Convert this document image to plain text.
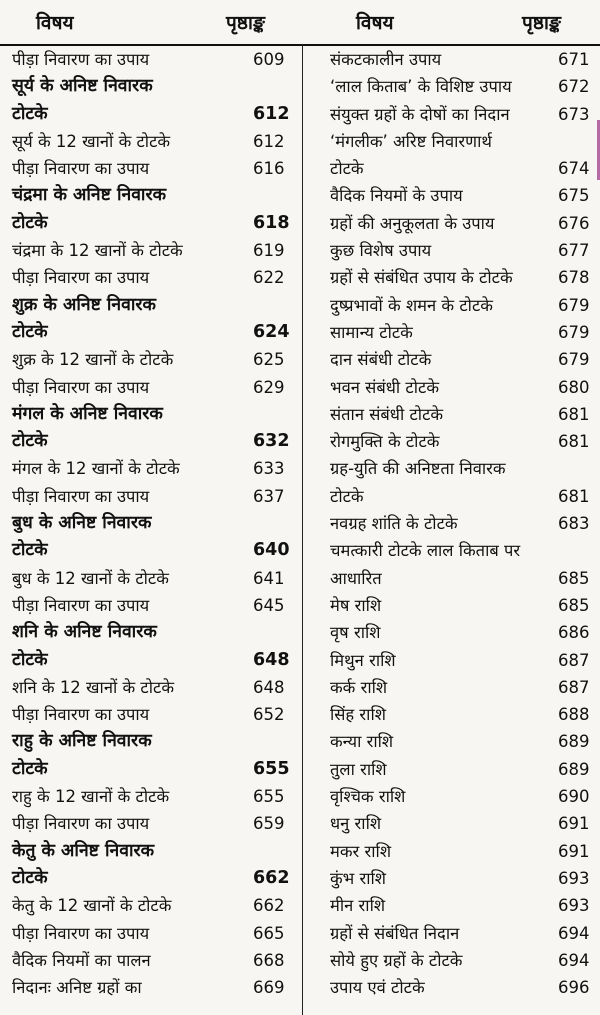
विषय	पृष्ठाङ्क	विषय	पृष्ठाङ्क
पीड़ा निवारण का उपाय	609
सूर्य के अनिष्ट निवारक
टोटके	612
सूर्य के 12 खानों के टोटके	612
पीड़ा निवारण का उपाय	616
चंद्रमा के अनिष्ट निवारक
टोटके	618
चंद्रमा के 12 खानों के टोटके	619
पीड़ा निवारण का उपाय	622
शुक्र के अनिष्ट निवारक
टोटके	624
शुक्र के 12 खानों के टोटके	625
पीड़ा निवारण का उपाय	629
मंगल के अनिष्ट निवारक
टोटके	632
मंगल के 12 खानों के टोटके	633
पीड़ा निवारण का उपाय	637
बुध के अनिष्ट निवारक
टोटके	640
बुध के 12 खानों के टोटके	641
पीड़ा निवारण का उपाय	645
शनि के अनिष्ट निवारक
टोटके	648
शनि के 12 खानों के टोटके	648
पीड़ा निवारण का उपाय	652
राहु के अनिष्ट निवारक
टोटके	655
राहु के 12 खानों के टोटके	655
पीड़ा निवारण का उपाय	659
केतु के अनिष्ट निवारक
टोटके	662
केतु के 12 खानों के टोटके	662
पीड़ा निवारण का उपाय	665
वैदिक नियमों का पालन	668
निदानः अनिष्ट ग्रहों का	669
संकटकालीन उपाय	671
‘लाल किताब’ के विशिष्ट उपाय	672
संयुक्त ग्रहों के दोषों का निदान	673
‘मंगलीक’ अरिष्ट निवारणार्थ
टोटके	674
वैदिक नियमों के उपाय	675
ग्रहों की अनुकूलता के उपाय	676
कुछ विशेष उपाय	677
ग्रहों से संबंधित उपाय के टोटके	678
दुष्प्रभावों के शमन के टोटके	679
सामान्य टोटके	679
दान संबंधी टोटके	679
भवन संबंधी टोटके	680
संतान संबंधी टोटके	681
रोगमुक्ति के टोटके	681
ग्रह-युति की अनिष्टता निवारक
टोटके	681
नवग्रह शांति के टोटके	683
चमत्कारी टोटके लाल किताब पर
आधारित	685
मेष राशि	685
वृष राशि	686
मिथुन राशि	687
कर्क राशि	687
सिंह राशि	688
कन्या राशि	689
तुला राशि	689
वृश्चिक राशि	690
धनु राशि	691
मकर राशि	691
कुंभ राशि	693
मीन राशि	693
ग्रहों से संबंधित निदान	694
सोये हुए ग्रहों के टोटके	694
उपाय एवं टोटके	696
